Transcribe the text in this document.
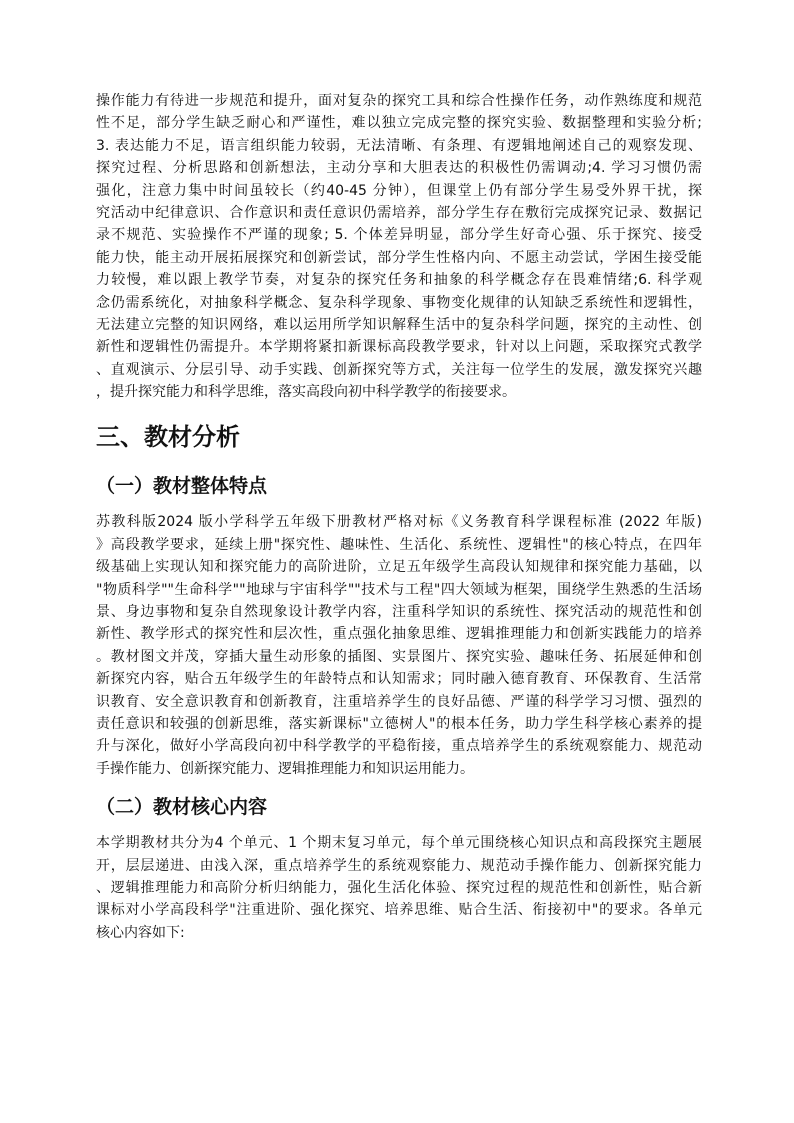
操作能力有待进一步规范和提升，面对复杂的探究工具和综合性操作任务，动作熟练度和规范
性不足，部分学生缺乏耐心和严谨性，难以独立完成完整的探究实验、数据整理和实验分析;
3. 表达能力不足，语言组织能力较弱，无法清晰、有条理、有逻辑地阐述自己的观察发现、
探究过程、分析思路和创新想法，主动分享和大胆表达的积极性仍需调动;4. 学习习惯仍需
强化，注意力集中时间虽较长（约40-45 分钟），但课堂上仍有部分学生易受外界干扰，探
究活动中纪律意识、合作意识和责任意识仍需培养，部分学生存在敷衍完成探究记录、数据记
录不规范、实验操作不严谨的现象; 5. 个体差异明显，部分学生好奇心强、乐于探究、接受
能力快，能主动开展拓展探究和创新尝试，部分学生性格内向、不愿主动尝试，学困生接受能
力较慢，难以跟上教学节奏，对复杂的探究任务和抽象的科学概念存在畏难情绪;6. 科学观
念仍需系统化，对抽象科学概念、复杂科学现象、事物变化规律的认知缺乏系统性和逻辑性，
无法建立完整的知识网络，难以运用所学知识解释生活中的复杂科学问题，探究的主动性、创
新性和逻辑性仍需提升。本学期将紧扣新课标高段教学要求，针对以上问题，采取探究式教学
、直观演示、分层引导、动手实践、创新探究等方式，关注每一位学生的发展，激发探究兴趣
，提升探究能力和科学思维，落实高段向初中科学教学的衔接要求。
三、教材分析
（一）教材整体特点
苏教科版2024 版小学科学五年级下册教材严格对标《义务教育科学课程标准 (2022 年版)
》高段教学要求，延续上册"探究性、趣味性、生活化、系统性、逻辑性"的核心特点，在四年
级基础上实现认知和探究能力的高阶进阶，立足五年级学生高段认知规律和探究能力基础，以
"物质科学""生命科学""地球与宇宙科学""技术与工程"四大领域为框架，围绕学生熟悉的生活场
景、身边事物和复杂自然现象设计教学内容，注重科学知识的系统性、探究活动的规范性和创
新性、教学形式的探究性和层次性，重点强化抽象思维、逻辑推理能力和创新实践能力的培养
。教材图文并茂，穿插大量生动形象的插图、实景图片、探究实验、趣味任务、拓展延伸和创
新探究内容，贴合五年级学生的年龄特点和认知需求；同时融入德育教育、环保教育、生活常
识教育、安全意识教育和创新教育，注重培养学生的良好品德、严谨的科学学习习惯、强烈的
责任意识和较强的创新思维，落实新课标"立德树人"的根本任务，助力学生科学核心素养的提
升与深化，做好小学高段向初中科学教学的平稳衔接，重点培养学生的系统观察能力、规范动
手操作能力、创新探究能力、逻辑推理能力和知识运用能力。
（二）教材核心内容
本学期教材共分为4 个单元、1 个期末复习单元，每个单元围绕核心知识点和高段探究主题展
开，层层递进、由浅入深，重点培养学生的系统观察能力、规范动手操作能力、创新探究能力
、逻辑推理能力和高阶分析归纳能力，强化生活化体验、探究过程的规范性和创新性，贴合新
课标对小学高段科学"注重进阶、强化探究、培养思维、贴合生活、衔接初中"的要求。各单元
核心内容如下:
